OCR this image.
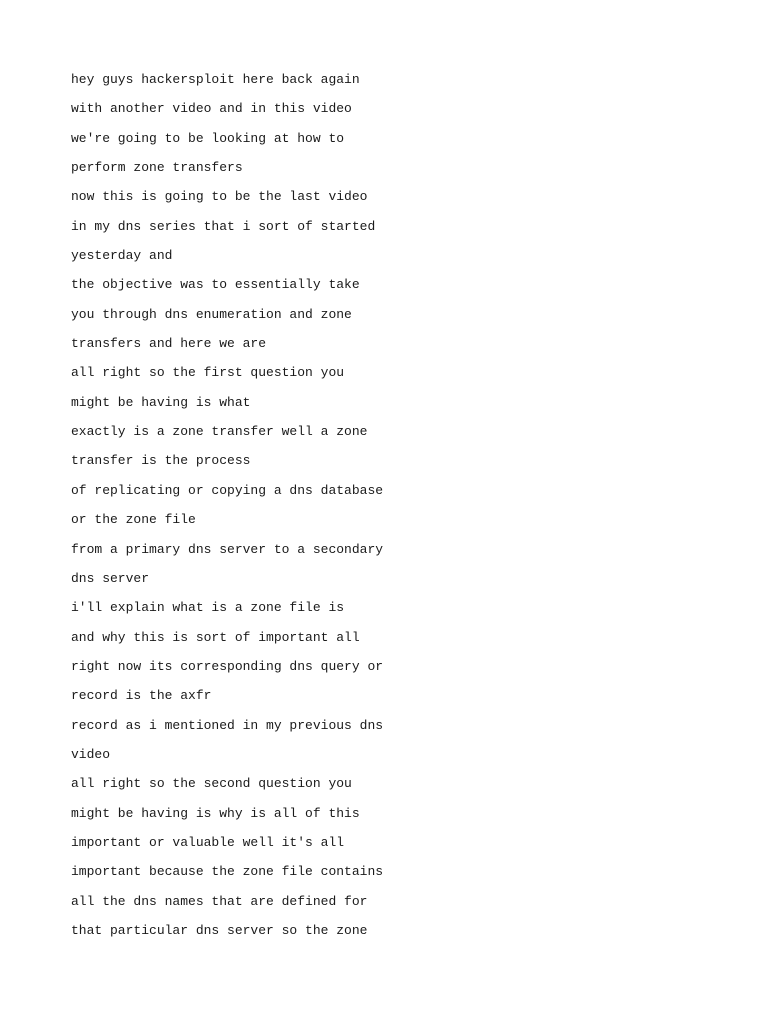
hey guys hackersploit here back again

with another video and in this video

we're going to be looking at how to

perform zone transfers

now this is going to be the last video

in my dns series that i sort of started

yesterday and

the objective was to essentially take

you through dns enumeration and zone

transfers and here we are

all right so the first question you

might be having is what

exactly is a zone transfer well a zone

transfer is the process

of replicating or copying a dns database

or the zone file

from a primary dns server to a secondary

dns server

i'll explain what is a zone file is

and why this is sort of important all

right now its corresponding dns query or

record is the axfr

record as i mentioned in my previous dns

video

all right so the second question you

might be having is why is all of this

important or valuable well it's all

important because the zone file contains

all the dns names that are defined for

that particular dns server so the zone
